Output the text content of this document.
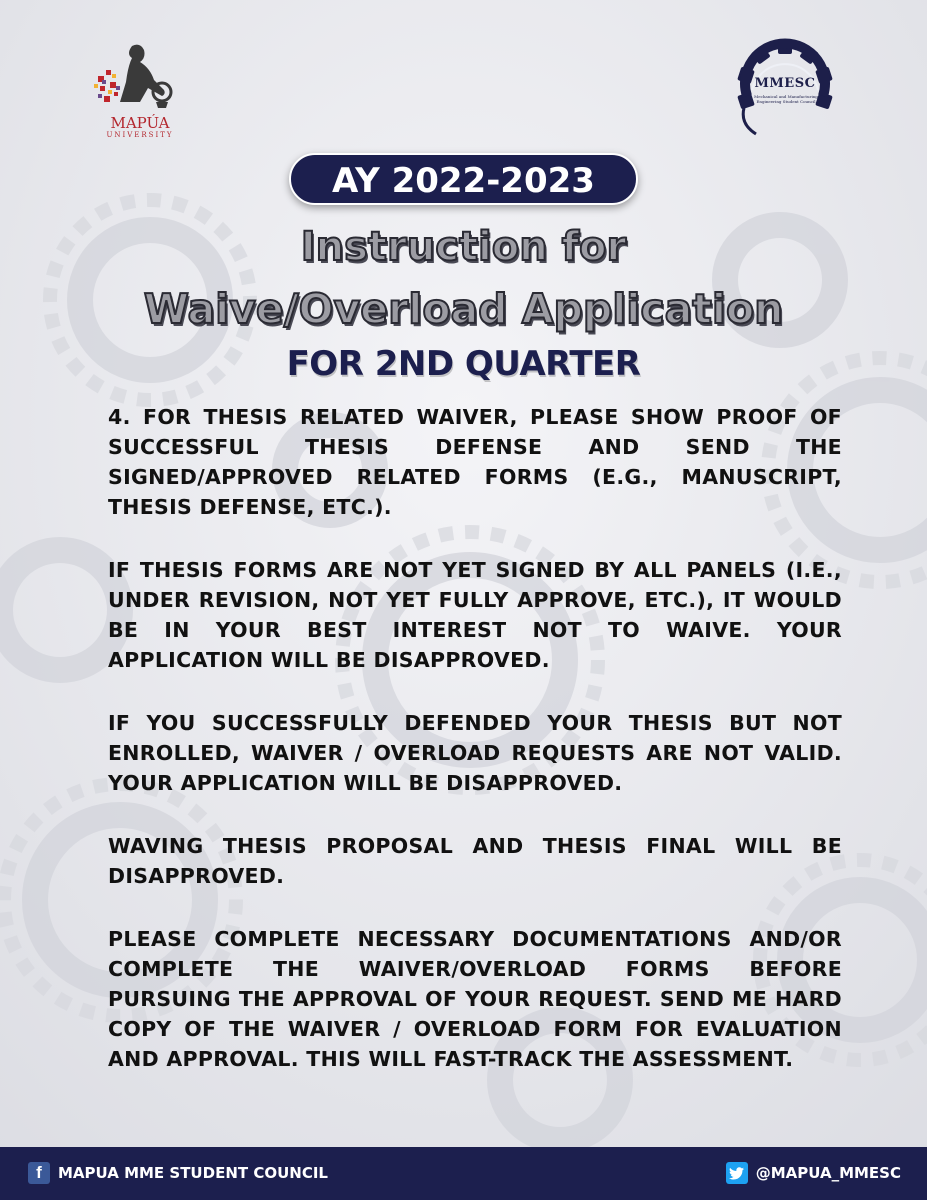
MAPÚA
UNIVERSITY
MMESC
Mechanical and Manufacturing Engineering Student Council
AY 2022-2023
Instruction for
Waive/Overload Application
FOR 2ND QUARTER

4. FOR THESIS RELATED WAIVER, PLEASE SHOW PROOF OF SUCCESSFUL THESIS DEFENSE AND SEND THE SIGNED/APPROVED RELATED FORMS (E.G., MANUSCRIPT, THESIS DEFENSE, ETC.).

IF THESIS FORMS ARE NOT YET SIGNED BY ALL PANELS (I.E., UNDER REVISION, NOT YET FULLY APPROVE, ETC.), IT WOULD BE IN YOUR BEST INTEREST NOT TO WAIVE. YOUR APPLICATION WILL BE DISAPPROVED.

IF YOU SUCCESSFULLY DEFENDED YOUR THESIS BUT NOT ENROLLED, WAIVER / OVERLOAD REQUESTS ARE NOT VALID. YOUR APPLICATION WILL BE DISAPPROVED.

WAVING THESIS PROPOSAL AND THESIS FINAL WILL BE DISAPPROVED.

PLEASE COMPLETE NECESSARY DOCUMENTATIONS AND/OR COMPLETE THE WAIVER/OVERLOAD FORMS BEFORE PURSUING THE APPROVAL OF YOUR REQUEST. SEND ME HARD COPY OF THE WAIVER / OVERLOAD FORM FOR EVALUATION AND APPROVAL. THIS WILL FAST-TRACK THE ASSESSMENT.

f	MAPUA MME STUDENT COUNCIL	@MAPUA_MMESC
